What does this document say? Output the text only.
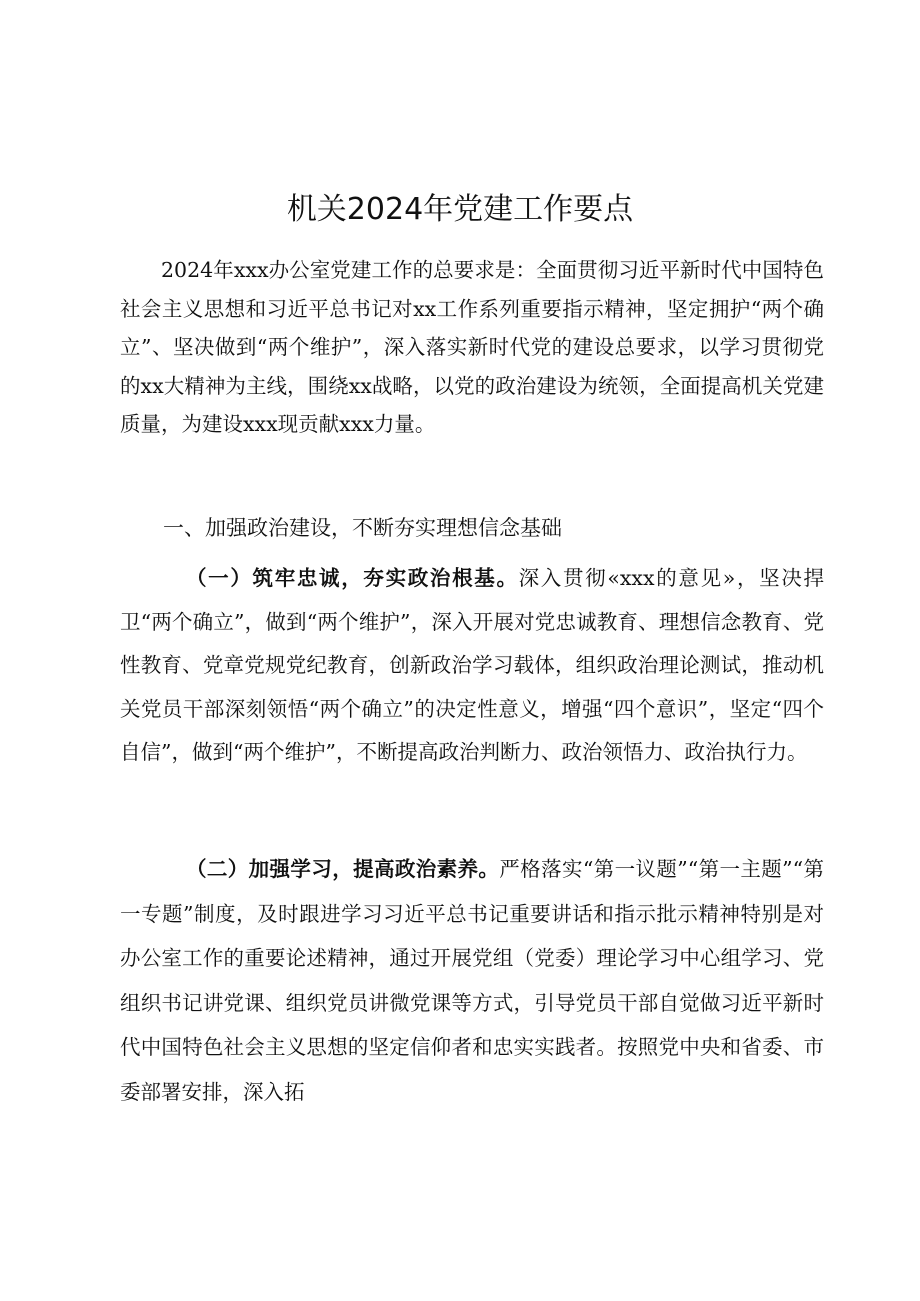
机关2024年党建工作要点

2024年xxx办公室党建工作的总要求是：全面贯彻习近平新时代中国特色社会主义思想和习近平总书记对xx工作系列重要指示精神，坚定拥护“两个确立”、坚决做到“两个维护”，深入落实新时代党的建设总要求，以学习贯彻党的xx大精神为主线，围绕xx战略，以党的政治建设为统领，全面提高机关党建质量，为建设xxx现贡献xxx力量。

一、加强政治建设，不断夯实理想信念基础

（一）筑牢忠诚，夯实政治根基。深入贯彻«xxx的意见»，坚决捍卫“两个确立”，做到“两个维护”，深入开展对党忠诚教育、理想信念教育、党性教育、党章党规党纪教育，创新政治学习载体，组织政治理论测试，推动机关党员干部深刻领悟“两个确立”的决定性意义，增强“四个意识”，坚定“四个自信”，做到“两个维护”，不断提高政治判断力、政治领悟力、政治执行力。

（二）加强学习，提高政治素养。严格落实“第一议题”“第一主题”“第一专题”制度，及时跟进学习习近平总书记重要讲话和指示批示精神特别是对办公室工作的重要论述精神，通过开展党组（党委）理论学习中心组学习、党组织书记讲党课、组织党员讲微党课等方式，引导党员干部自觉做习近平新时代中国特色社会主义思想的坚定信仰者和忠实实践者。按照党中央和省委、市委部署安排，深入拓
